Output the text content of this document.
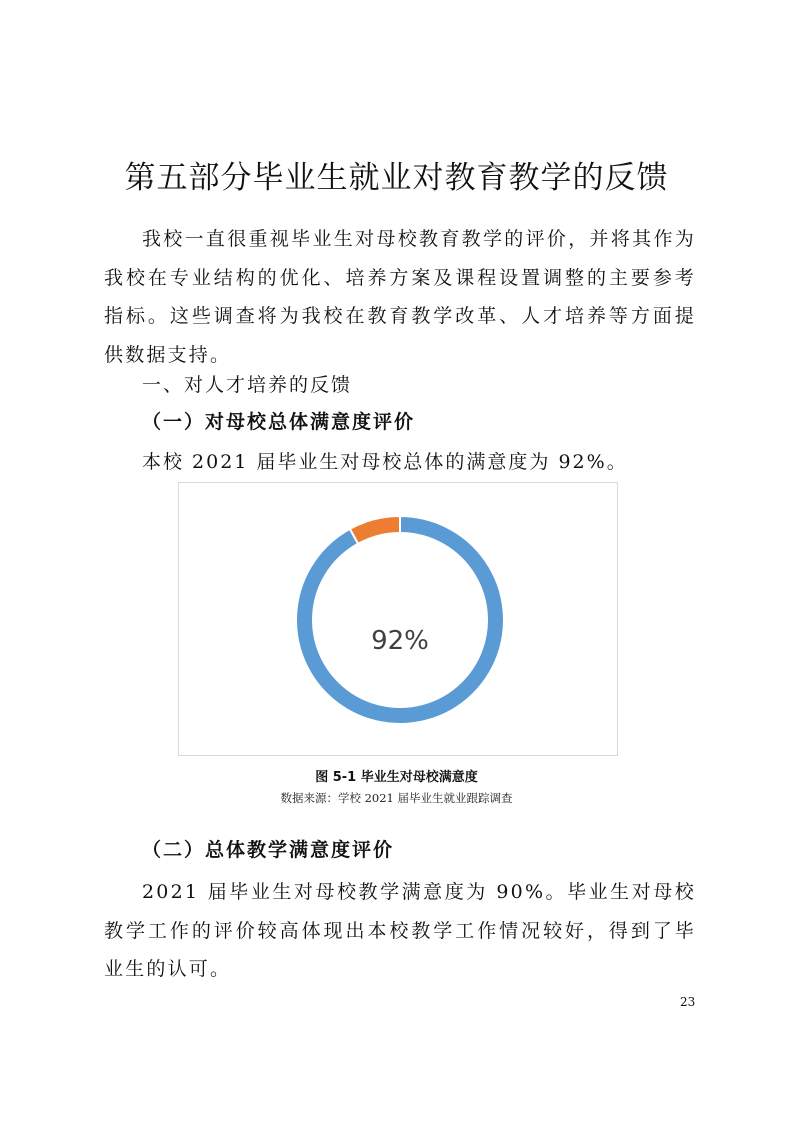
第五部分毕业生就业对教育教学的反馈

我校一直很重视毕业生对母校教育教学的评价，并将其作为我校在专业结构的优化、培养方案及课程设置调整的主要参考指标。这些调查将为我校在教育教学改革、人才培养等方面提供数据支持。

一、对人才培养的反馈
（一）对母校总体满意度评价

本校 2021 届毕业生对母校总体的满意度为 92%。

92%

图 5-1 毕业生对母校满意度

数据来源：学校 2021 届毕业生就业跟踪调查

（二）总体教学满意度评价

2021 届毕业生对母校教学满意度为 90%。毕业生对母校教学工作的评价较高体现出本校教学工作情况较好，得到了毕业生的认可。

23
